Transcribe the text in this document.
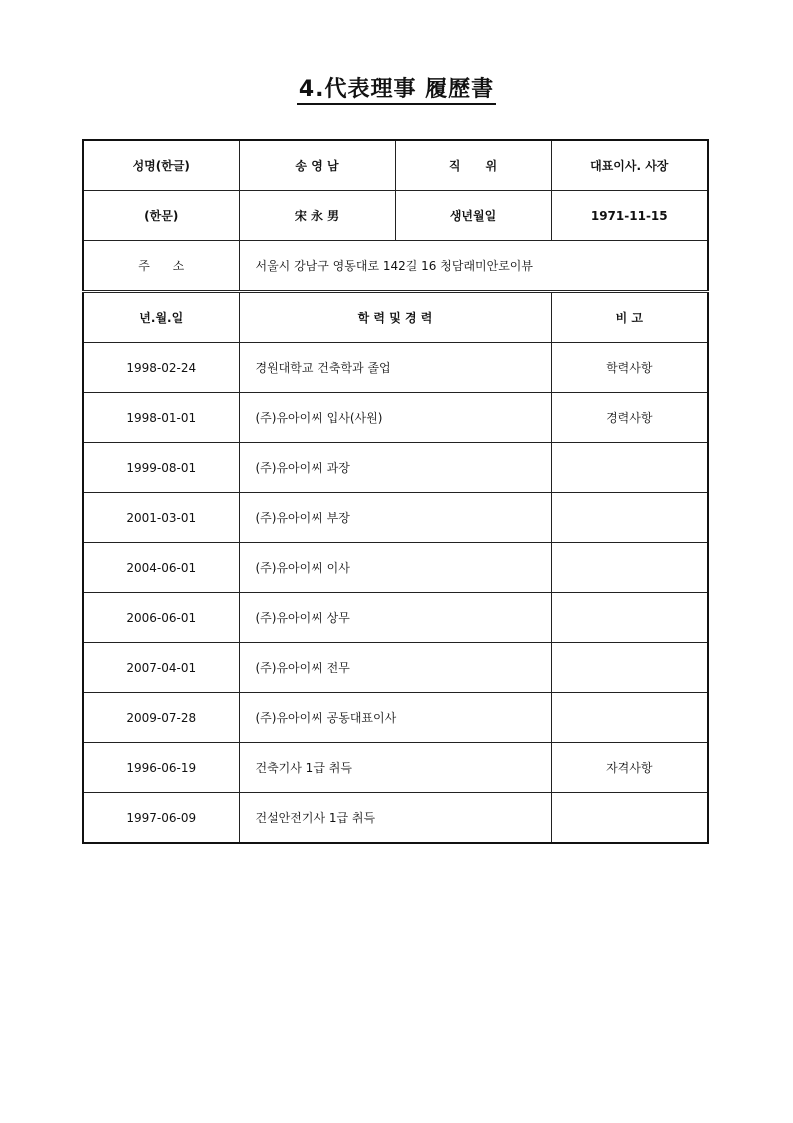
4.代表理事 履歷書
성명(한글)	송 영 남	직      위	대표이사. 사장
(한문)	宋 永 男	생년월일	1971-11-15
주      소	서울시 강남구 영동대로 142길 16 청담래미안로이뷰		
년.월.일	학 력 및 경 력		비 고
1998-02-24	경원대학교 건축학과 졸업		학력사항
1998-01-01	(주)유아이씨 입사(사원)		경력사항
1999-08-01	(주)유아이씨 과장		
2001-03-01	(주)유아이씨 부장		
2004-06-01	(주)유아이씨 이사		
2006-06-01	(주)유아이씨 상무		
2007-04-01	(주)유아이씨 전무		
2009-07-28	(주)유아이씨 공동대표이사		
1996-06-19	건축기사 1급 취득		자격사항
1997-06-09	건설안전기사 1급 취득		
